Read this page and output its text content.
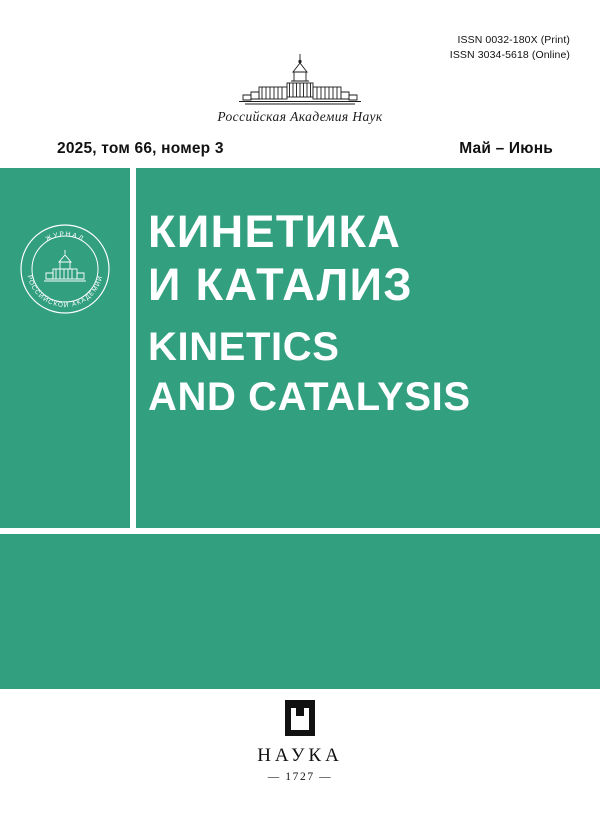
ISSN 0032-180X (Print)
ISSN 3034-5618 (Online)
Российская Академия Наук
2025, том 66, номер 3	Май – Июнь
ЖУРНАЛ
РОССИЙСКОЙ АКАДЕМИИ
КИНЕТИКА
И КАТАЛИЗ
KINETICS
AND CATALYSIS
НАУКА
— 1727 —
